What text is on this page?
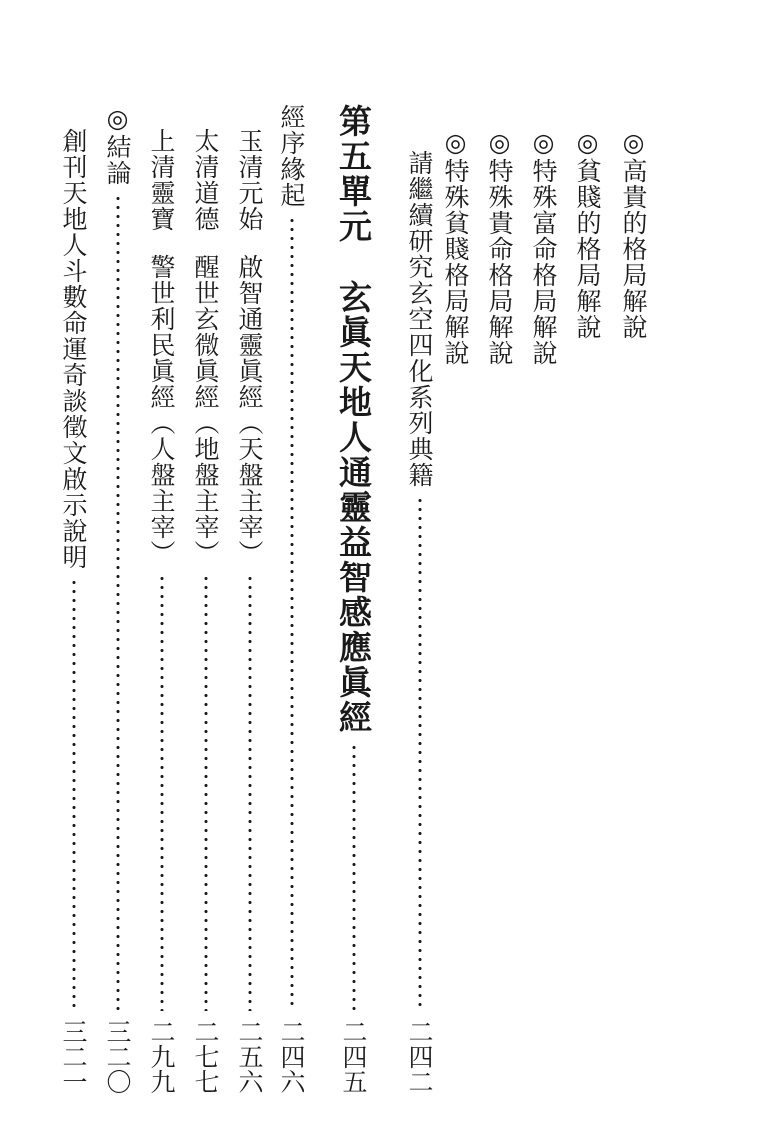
◎高貴的格局解說
◎貧賤的格局解說
◎特殊富命格局解說
◎特殊貴命格局解說
◎特殊貧賤格局解說
請繼續研究玄空四化系列典籍
二四二
第五單元
玄眞天地人通靈益智感應眞經
二四五
經序緣起
二四六
玉清元始
啟智通靈眞經（天盤主宰）
二五六
太清道德
醒世玄微眞經（地盤主宰）
二七七
上清靈寶
警世利民眞經（人盤主宰）
二九九
◎結論
三二〇
創刊天地人斗數命運奇談徵文啟示說明
三二一
